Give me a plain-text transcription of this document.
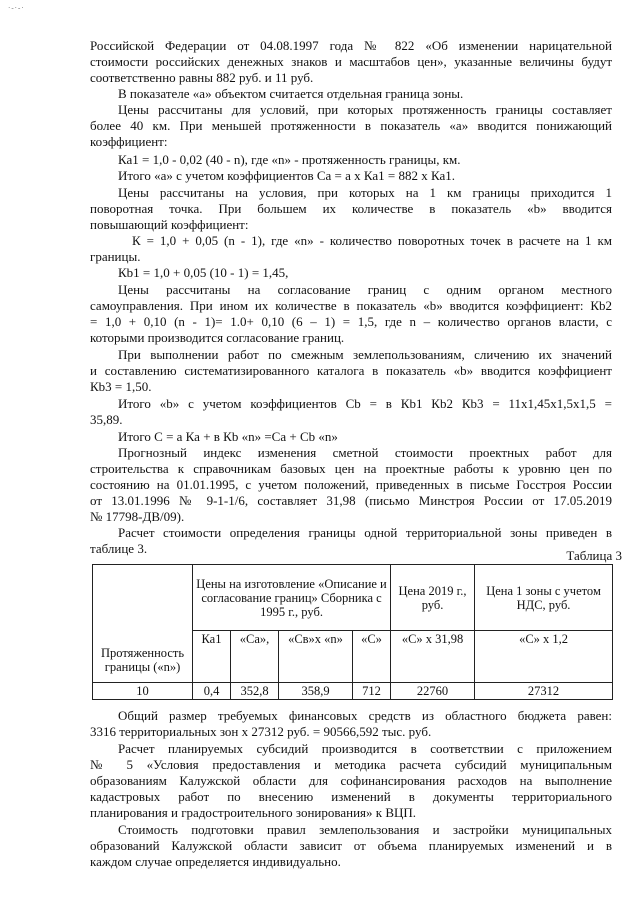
·-·-·
Российской Федерации от 04.08.1997 года № 822 «Об изменении нарицательной
стоимости российских денежных знаков и масштабов цен», указанные величины будут
соответственно равны 882 руб. и 11 руб.
В показателе «а» объектом считается отдельная граница зоны.
Цены рассчитаны для условий, при которых протяженность границы составляет
более 40 км. При меньшей протяженности в показатель «а» вводится понижающий
коэффициент:
Ка1 = 1,0 - 0,02 (40 - n), где «n» - протяженность границы, км.
Итого «а» с учетом коэффициентов Са = а х Ка1 = 882 х Ка1.
Цены рассчитаны на условия, при которых на 1 км границы приходится 1
поворотная точка. При большем их количестве в показатель «b» вводится
повышающий коэффициент:
К = 1,0 + 0,05 (n - 1), где «n» - количество поворотных точек в расчете на 1 км
границы.
Кb1 = 1,0 + 0,05 (10 - 1) = 1,45,
Цены рассчитаны на согласование границ с одним органом местного
самоуправления. При ином их количестве в показатель «b» вводится коэффициент: Кb2
= 1,0 + 0,10 (n - 1)= 1.0+ 0,10 (6 – 1) = 1,5, где n – количество органов власти, с
которыми производится согласование границ.
При выполнении работ по смежным землепользованиям, сличению их значений
и составлению систематизированного каталога в показатель «b» вводится коэффициент
Кb3 = 1,50.
Итого «b» с учетом коэффициентов Сb = в Кb1 Кb2 Кb3 = 11х1,45х1,5х1,5 =
35,89.
Итого С = а Ка + в Кb «n» =Са + Сb «n»
Прогнозный индекс изменения сметной стоимости проектных работ для
строительства к справочникам базовых цен на проектные работы к уровню цен по
состоянию на 01.01.1995, с учетом положений, приведенных в письме Госстроя России
от 13.01.1996 № 9-1-1/6, составляет 31,98 (письмо Минстроя России от 17.05.2019
№ 17798-ДВ/09).
Расчет стоимости определения границы одной территориальной зоны приведен в
таблице 3.	Таблица 3
Протяженность границы («n»)	Цены на изготовление «Описание и согласование границ» Сборника с 1995 г., руб.				Цена 2019 г., руб.	Цена 1 зоны с учетом НДС, руб.
	Ка1	«Са»,	«Св»х «n»	«С»	«С» х 31,98	«С» х 1,2
10	0,4	352,8	358,9	712	22760	27312
Общий размер требуемых финансовых средств из областного бюджета равен:
3316 территориальных зон х 27312 руб. = 90566,592 тыс. руб.
Расчет планируемых субсидий производится в соответствии с приложением
№ 5 «Условия предоставления и методика расчета субсидий муниципальным
образованиям Калужской области для софинансирования расходов на выполнение
кадастровых работ по внесению изменений в документы территориального
планирования и градостроительного зонирования» к ВЦП.
Стоимость подготовки правил землепользования и застройки муниципальных
образований Калужской области зависит от объема планируемых изменений и в
каждом случае определяется индивидуально.
